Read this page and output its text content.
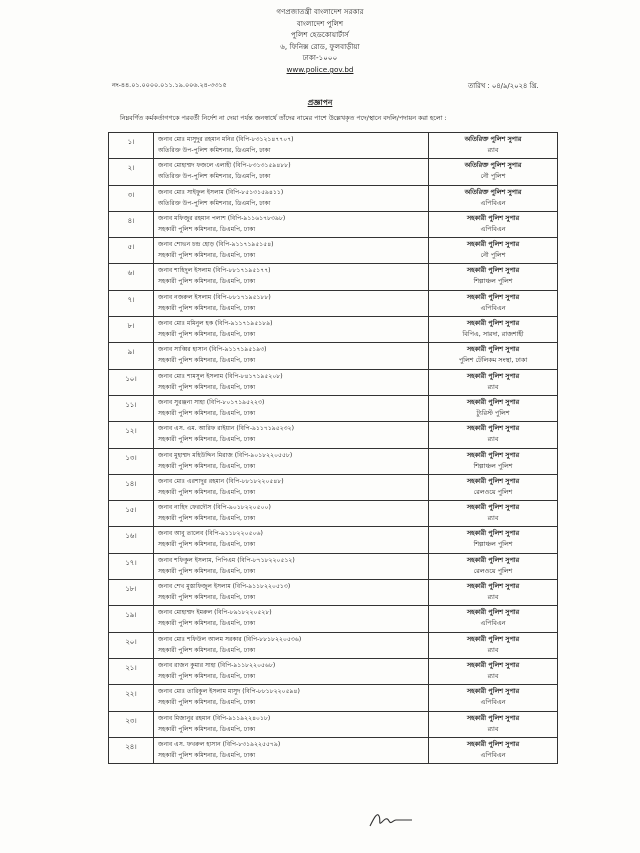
গণপ্রজাতন্ত্রী বাংলাদেশ সরকার
বাংলাদেশ পুলিশ
পুলিশ হেডকোয়ার্টার্স
৬, ফিনিক্স রোড, ফুলবাড়ীয়া
ঢাকা-১০০০
www.police.gov.bd
নং-৪৪.০১.০০০০.০১১.১৯.০০৬.২৪-৩৩১৫	তারিখ : ০৪/৯/২০২৪ খ্রি.
প্রজ্ঞাপন
নিম্নবর্ণিত কর্মকর্তাগণকে পরবর্তী নির্দেশ না দেয়া পর্যন্ত জনস্বার্থে তাঁদের নামের পাশে উল্লেখকৃত পদে/স্থানে বদলি/পদায়ন করা হলো :
১।	জনাব মোঃ মাসুদুর রহমান মনির (বিপি-৮৩১২১৪৭৭০৭)
অতিরিক্ত উপ-পুলিশ কমিশনার, ডিএমপি, ঢাকা	অতিরিক্ত পুলিশ সুপার
র‍্যাব

২।	জনাব মোহাম্মদ ফজলে এলাহী (বিপি-৮৩১৩১৫৯৪৮৮)
অতিরিক্ত উপ-পুলিশ কমিশনার, ডিএমপি, ঢাকা	অতিরিক্ত পুলিশ সুপার
নৌ পুলিশ

৩।	জনাব মোঃ সাইফুল ইসলাম (বিপি-৮৫১৩১৫৯৪১১)
অতিরিক্ত উপ-পুলিশ কমিশনার, ডিএমপি, ঢাকা	অতিরিক্ত পুলিশ সুপার
এপিবিএন

৪।	জনাব মফিজুর রহমান পলাশ (বিপি-৯১১৬১৭৮৩৯৮)
সহকারী পুলিশ কমিশনার, ডিএমপি, ঢাকা	সহকারী পুলিশ সুপার
এপিবিএন

৫।	জনাব শোভন চন্দ্র হোড় (বিপি-৯১১৭১৯৫১৫৪)
সহকারী পুলিশ কমিশনার, ডিএমপি, ঢাকা	সহকারী পুলিশ সুপার
নৌ পুলিশ

৬।	জনাব শাহিদুল ইসলাম (বিপি-৮৮১৭১৯৫১৭৭)
সহকারী পুলিশ কমিশনার, ডিএমপি, ঢাকা	সহকারী পুলিশ সুপার
শিল্পাঞ্চল পুলিশ

৭।	জনাব নজরুল ইসলাম (বিপি-৮৮১৭১৯৫১৮৮)
সহকারী পুলিশ কমিশনার, ডিএমপি, ঢাকা	সহকারী পুলিশ সুপার
এপিবিএন

৮।	জনাব মোঃ মমিনুল হক (বিপি-৯১১৭১৯৫১৮৯)
সহকারী পুলিশ কমিশনার, ডিএমপি, ঢাকা	সহকারী পুলিশ সুপার
বিপিএ, সারদা, রাজশাহী

৯।	জনাব সাব্বির হাসান (বিপি-৯১১৭১৯৫১৯৩)
সহকারী পুলিশ কমিশনার, ডিএমপি, ঢাকা	সহকারী পুলিশ সুপার
পুলিশ টেলিকম সংস্থা, ঢাকা

১০।	জনাব মোঃ শামসুল ইসলাম (বিপি-৮৪১৭১৯৫২০৮)
সহকারী পুলিশ কমিশনার, ডিএমপি, ঢাকা	সহকারী পুলিশ সুপার
র‍্যাব

১১।	জনাব সুরঞ্জনা সাহা (বিপি-৮০১৭১৯৫২২৩)
সহকারী পুলিশ কমিশনার, ডিএমপি, ঢাকা	সহকারী পুলিশ সুপার
ট্যুরিস্ট পুলিশ

১২।	জনাব এস. এম. আরিফ রাইয়ান (বিপি-৯১১৭১৯৫২৩২)
সহকারী পুলিশ কমিশনার, ডিএমপি, ঢাকা	সহকারী পুলিশ সুপার
র‍্যাব

১৩।	জনাব মুহাম্মদ মহিউদ্দিন মিরাজ (বিপি-৯০১৮২২০৫৫৮)
সহকারী পুলিশ কমিশনার, ডিএমপি, ঢাকা	সহকারী পুলিশ সুপার
শিল্পাঞ্চল পুলিশ

১৪।	জনাব মোঃ এরশাদুর রহমান (বিপি-৮৮১৮২২০৫৪৮)
সহকারী পুলিশ কমিশনার, ডিএমপি, ঢাকা	সহকারী পুলিশ সুপার
রেলওয়ে পুলিশ

১৫।	জনাব নাহিদ ফেরদৌস (বিপি-৯০১৮২২০৫০০)
সহকারী পুলিশ কমিশনার, ডিএমপি, ঢাকা	সহকারী পুলিশ সুপার
র‍্যাব

১৬।	জনাব আবু তালেব (বিপি-৯১১৮২২০৫০৬)
সহকারী পুলিশ কমিশনার, ডিএমপি, ঢাকা	সহকারী পুলিশ সুপার
শিল্পাঞ্চল পুলিশ

১৭।	জনাব শফিকুল ইসলাম, পিপিএম (বিপি-৮৭১৮২২০৫১২)
সহকারী পুলিশ কমিশনার, ডিএমপি, ঢাকা	সহকারী পুলিশ সুপার
রেলওয়ে পুলিশ

১৮।	জনাব শেখ মুস্তাফিজুল ইসলাম (বিপি-৯১১৮২২০৫১৩)
সহকারী পুলিশ কমিশনার, ডিএমপি, ঢাকা	সহকারী পুলিশ সুপার
র‍্যাব

১৯।	জনাব মোহাম্মদ ইমরুল (বিপি-৮৯১৮২২০৫২৮)
সহকারী পুলিশ কমিশনার, ডিএমপি, ঢাকা	সহকারী পুলিশ সুপার
এপিবিএন

২০।	জনাব মোঃ শফিউল আলম সরকার (বিপি-৮৮১৮২২০৫৩৬)
সহকারী পুলিশ কমিশনার, ডিএমপি, ঢাকা	সহকারী পুলিশ সুপার
র‍্যাব

২১।	জনাব রাজন কুমার সাহা (বিপি-৯১১৮২২০৫৬৮)
সহকারী পুলিশ কমিশনার, ডিএমপি, ঢাকা	সহকারী পুলিশ সুপার
র‍্যাব

২২।	জনাব মোঃ তারিকুল ইসলাম মাসুদ (বিপি-৮৮১৮২২০৫৯৪)
সহকারী পুলিশ কমিশনার, ডিএমপি, ঢাকা	সহকারী পুলিশ সুপার
এপিবিএন

২৩।	জনাব মিজানুর রহমান (বিপি-৯১১৯২২৪০১৮)
সহকারী পুলিশ কমিশনার, ডিএমপি, ঢাকা	সহকারী পুলিশ সুপার
র‍্যাব

২৪।	জনাব এস. ফখরুল হাসান (বিপি-৮৩১৯২২৫৫৭৯)
সহকারী পুলিশ কমিশনার, ডিএমপি, ঢাকা	সহকারী পুলিশ সুপার
এপিবিএন
